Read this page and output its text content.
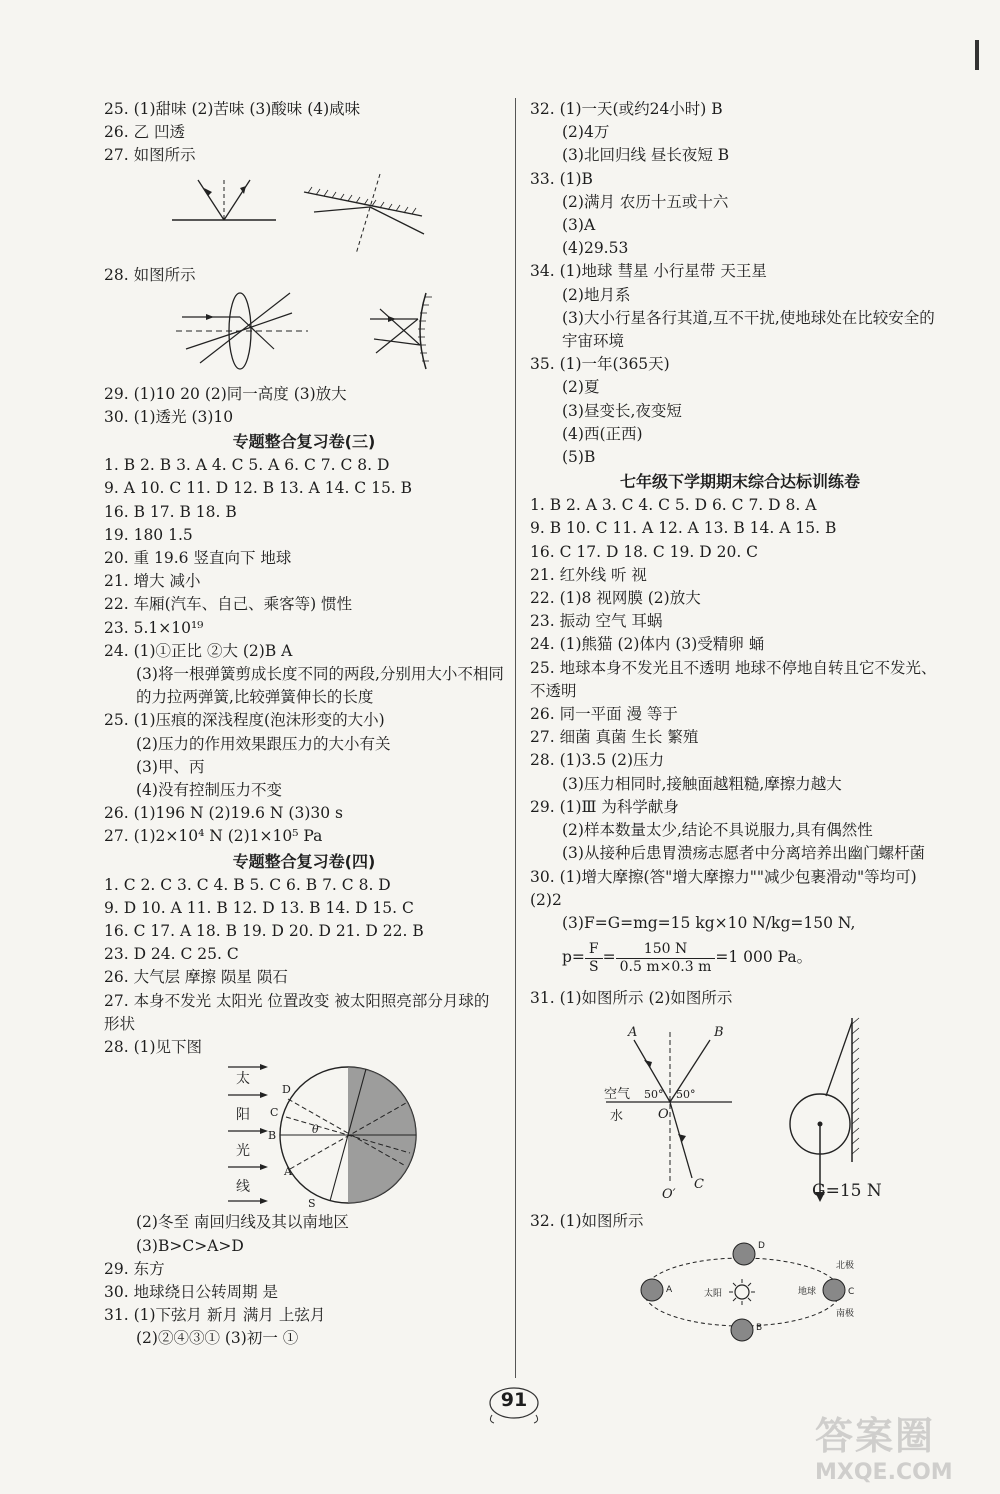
25. (1)甜味 (2)苦味 (3)酸味 (4)咸味
26. 乙 凹透
27. 如图所示
28. 如图所示
29. (1)10 20 (2)同一高度 (3)放大
30. (1)透光 (3)10
专题整合复习卷(三)
1. B 2. B 3. A 4. C 5. A 6. C 7. C 8. D
9. A 10. C 11. D 12. B 13. A 14. C 15. B
16. B 17. B 18. B
19. 180 1.5
20. 重 19.6 竖直向下 地球
21. 增大 减小
22. 车厢(汽车、自己、乘客等) 惯性
23. 5.1×10¹⁹
24. (1)①正比 ②大 (2)B A
(3)将一根弹簧剪成长度不同的两段,分别用大小不相同的力拉两弹簧,比较弹簧伸长的长度
25. (1)压痕的深浅程度(泡沫形变的大小)
(2)压力的作用效果跟压力的大小有关
(3)甲、丙
(4)没有控制压力不变
26. (1)196 N (2)19.6 N (3)30 s
27. (1)2×10⁴ N (2)1×10⁵ Pa
专题整合复习卷(四)
1. C 2. C 3. C 4. B 5. C 6. B 7. C 8. D
9. D 10. A 11. B 12. D 13. B 14. D 15. C
16. C 17. A 18. B 19. D 20. D 21. D 22. B
23. D 24. C 25. C
26. 大气层 摩擦 陨星 陨石
27. 本身不发光 太阳光 位置改变 被太阳照亮部分月球的形状
28. (1)见下图
太
阳
光
线
D
C
B
A
S
θ
(2)冬至 南回归线及其以南地区
(3)B>C>A>D
29. 东方
30. 地球绕日公转周期 是
31. (1)下弦月 新月 满月 上弦月
(2)②④③① (3)初一 ①
32. (1)一天(或约24小时) B
(2)4万
(3)北回归线 昼长夜短 B
33. (1)B
(2)满月 农历十五或十六
(3)A
(4)29.53
34. (1)地球 彗星 小行星带 天王星
(2)地月系
(3)大小行星各行其道,互不干扰,使地球处在比较安全的宇宙环境
35. (1)一年(365天)
(2)夏
(3)昼变长,夜变短
(4)西(正西)
(5)B
七年级下学期期末综合达标训练卷
1. B 2. A 3. C 4. C 5. D 6. C 7. D 8. A
9. B 10. C 11. A 12. A 13. B 14. A 15. B
16. C 17. D 18. C 19. D 20. C
21. 红外线 听 视
22. (1)8 视网膜 (2)放大
23. 振动 空气 耳蜗
24. (1)熊猫 (2)体内 (3)受精卵 蛹
25. 地球本身不发光且不透明 地球不停地自转且它不发光、不透明
26. 同一平面 漫 等于
27. 细菌 真菌 生长 繁殖
28. (1)3.5 (2)压力
(3)压力相同时,接触面越粗糙,摩擦力越大
29. (1)Ⅲ 为科学献身
(2)样本数量太少,结论不具说服力,具有偶然性
(3)从接种后患胃溃疡志愿者中分离培养出幽门螺杆菌
30. (1)增大摩擦(答"增大摩擦力""减少包裹滑动"等均可) (2)2
(3)F=G=mg=15 kg×10 N/kg=150 N,
$p= \frac{F}{S} = \frac{150 N}{0.5 m\times 0.3 m} =1$ 000 Pa。
31. (1)如图所示 (2)如图所示
A	B
C
O
O′
空气
水
50° 50°
G=15 N
32. (1)如图所示
D
A	C
B
太阳	地球
北极
南极
91
答案圈
MXQE.COM
